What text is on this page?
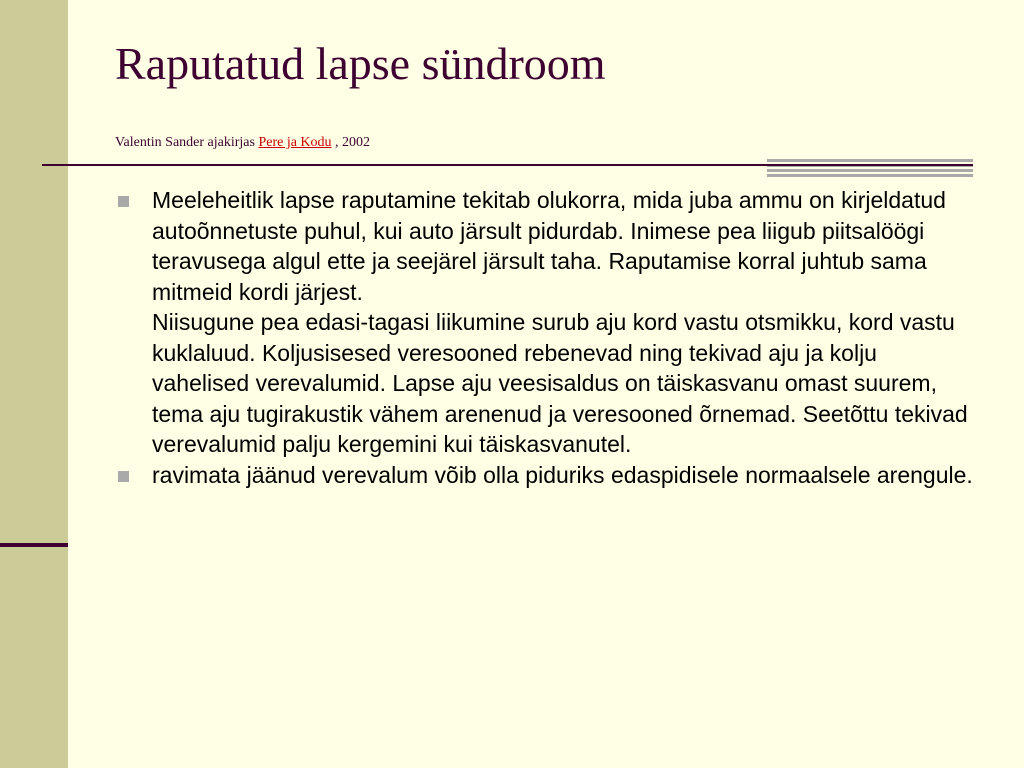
Raputatud lapse sündroom
Valentin Sander ajakirjas Pere ja Kodu , 2002
Meeleheitlik lapse raputamine tekitab olukorra, mida juba ammu on kirjeldatud autoõnnetuste puhul, kui auto järsult pidurdab. Inimese pea liigub piitsalöögi teravusega algul ette ja seejärel järsult taha. Raputamise korral juhtub sama mitmeid kordi järjest.
Niisugune pea edasi-tagasi liikumine surub aju kord vastu otsmikku, kord vastu kuklaluud. Koljusisesed veresooned rebenevad ning tekivad aju ja kolju vahelised verevalumid. Lapse aju veesisaldus on täiskasvanu omast suurem, tema aju tugirakustik vähem arenenud ja veresooned õrnemad. Seetõttu tekivad verevalumid palju kergemini kui täiskasvanutel.
ravimata jäänud verevalum võib olla piduriks edaspidisele normaalsele arengule.
